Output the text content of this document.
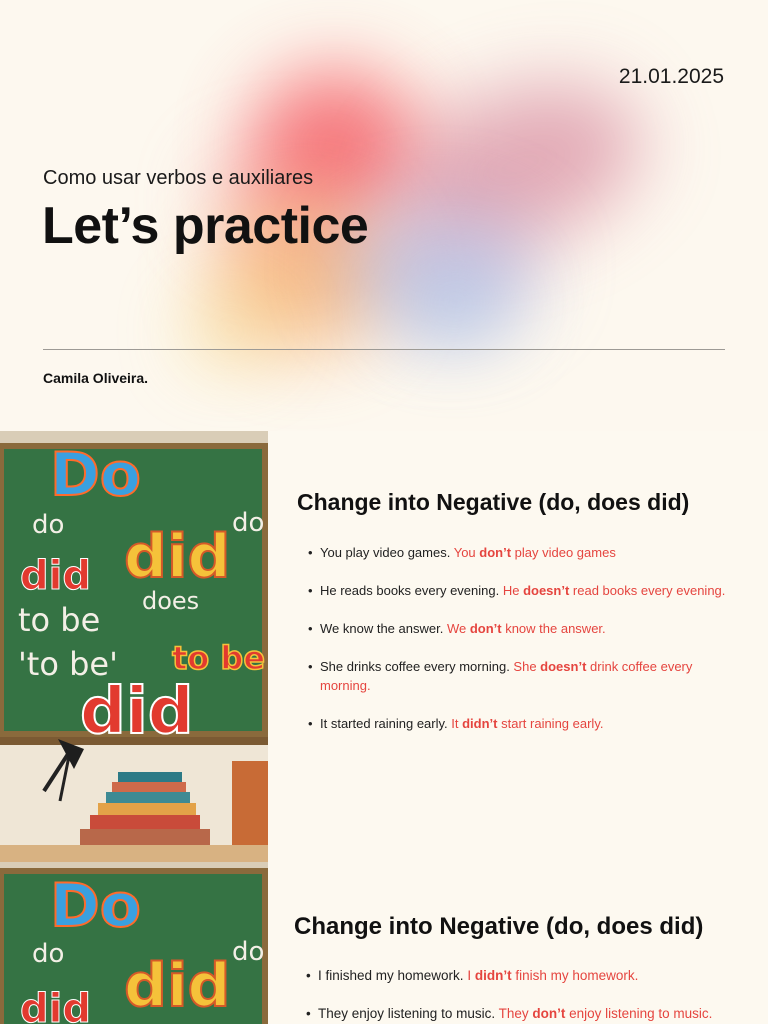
21.01.2025
Como usar verbos e auxiliares
Let’s practice
Camila Oliveira.
Do
do	do
did
did
does
to be
'to be' to be
did
Change into Negative (do, does did)
• You play video games. You don’t play video games
• He reads books every evening. He doesn’t read books every evening.
• We know the answer. We don’t know the answer.
• She drinks coffee every morning. She doesn’t drink coffee every morning.
• It started raining early. It didn’t start raining early.
Do
do	do
did
did
Change into Negative (do, does did)
• I finished my homework. I didn’t finish my homework.
• They enjoy listening to music. They don’t enjoy listening to music.
